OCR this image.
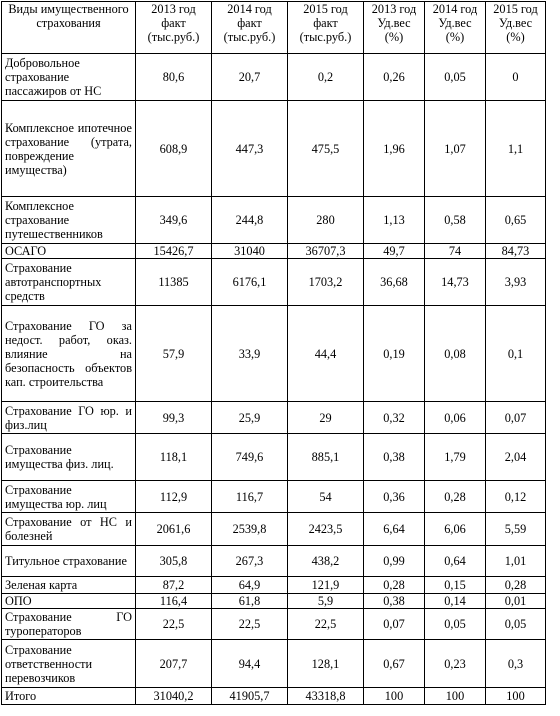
Виды имущественного страхования	2013 год факт (тыс.руб.)	2014 год факт (тыс.руб.)	2015 год факт (тыс.руб.)	2013 год Уд.вес (%)	2014 год Уд.вес (%)	2015 год Уд.вес (%)
Добровольное страхование пассажиров от НС	80,6	20,7	0,2	0,26	0,05	0
Комплексное ипотечное страхование (утрата, повреждение имущества)	608,9	447,3	475,5	1,96	1,07	1,1
Комплексное страхование путешественников	349,6	244,8	280	1,13	0,58	0,65
ОСАГО	15426,7	31040	36707,3	49,7	74	84,73
Страхование автотранспортных средств	11385	6176,1	1703,2	36,68	14,73	3,93
Страхование ГО за недост. работ, оказ. влияние на безопасность объектов кап. строительства	57,9	33,9	44,4	0,19	0,08	0,1
Страхование ГО юр. и физ.лиц	99,3	25,9	29	0,32	0,06	0,07
Страхование имущества физ. лиц.	118,1	749,6	885,1	0,38	1,79	2,04
Страхование имущества юр. лиц	112,9	116,7	54	0,36	0,28	0,12
Страхование от НС и болезней	2061,6	2539,8	2423,5	6,64	6,06	5,59
Титульное страхование	305,8	267,3	438,2	0,99	0,64	1,01
Зеленая карта	87,2	64,9	121,9	0,28	0,15	0,28
ОПО	116,4	61,8	5,9	0,38	0,14	0,01
Страхование ГО туроператоров	22,5	22,5	22,5	0,07	0,05	0,05
Страхование ответственности перевозчиков	207,7	94,4	128,1	0,67	0,23	0,3
Итого	31040,2	41905,7	43318,8	100	100	100
